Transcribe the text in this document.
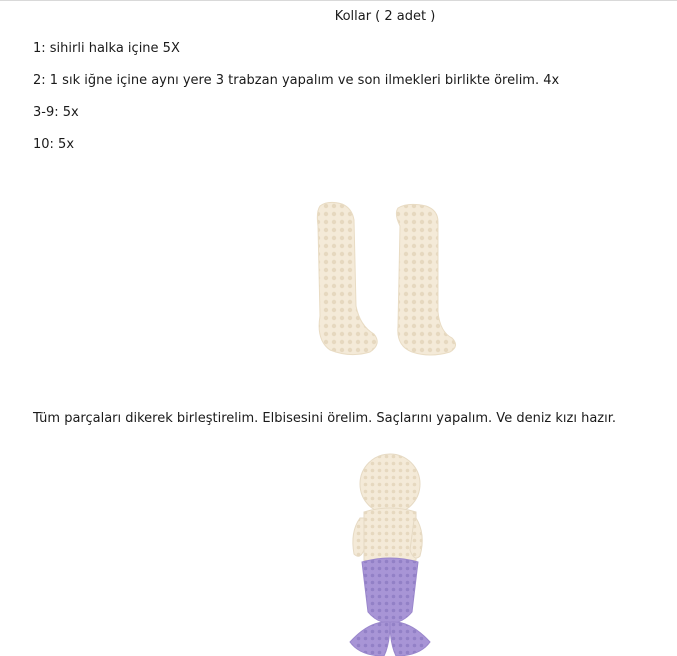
Kollar ( 2 adet )
1: sihirli halka içine 5X
2: 1 sık iğne içine aynı yere 3 trabzan yapalım ve son ilmekleri birlikte örelim. 4x
3-9: 5x
10: 5x
Tüm parçaları dikerek birleştirelim. Elbisesini örelim. Saçlarını yapalım. Ve deniz kızı hazır.
